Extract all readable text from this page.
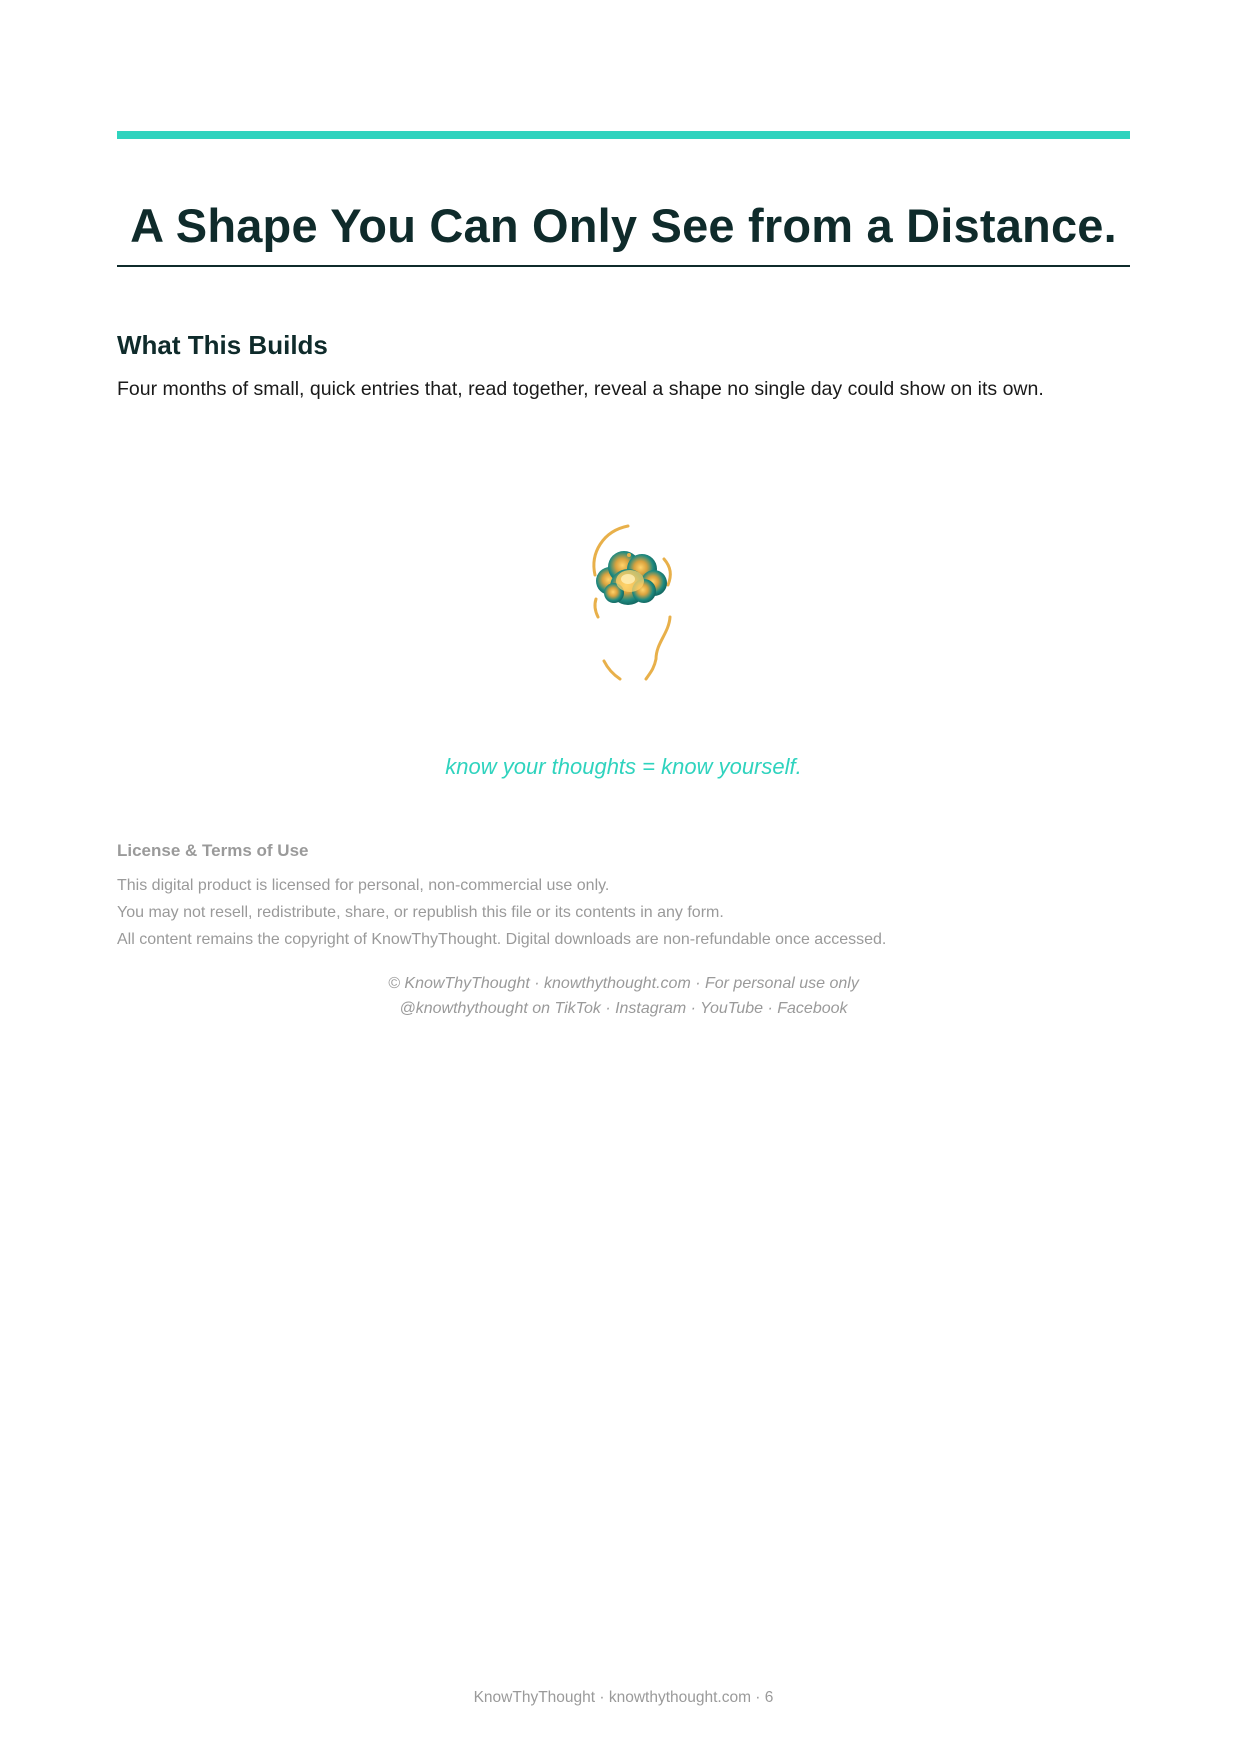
A Shape You Can Only See from a Distance.
What This Builds

Four months of small, quick entries that, read together, reveal a shape no single day could show on its own.

know your thoughts = know yourself.
License & Terms of Use
This digital product is licensed for personal, non-commercial use only.
You may not resell, redistribute, share, or republish this file or its contents in any form.
All content remains the copyright of KnowThyThought. Digital downloads are non-refundable once accessed.
© KnowThyThought · knowthythought.com · For personal use only
@knowthythought on TikTok · Instagram · YouTube · Facebook
KnowThyThought · knowthythought.com · 6
